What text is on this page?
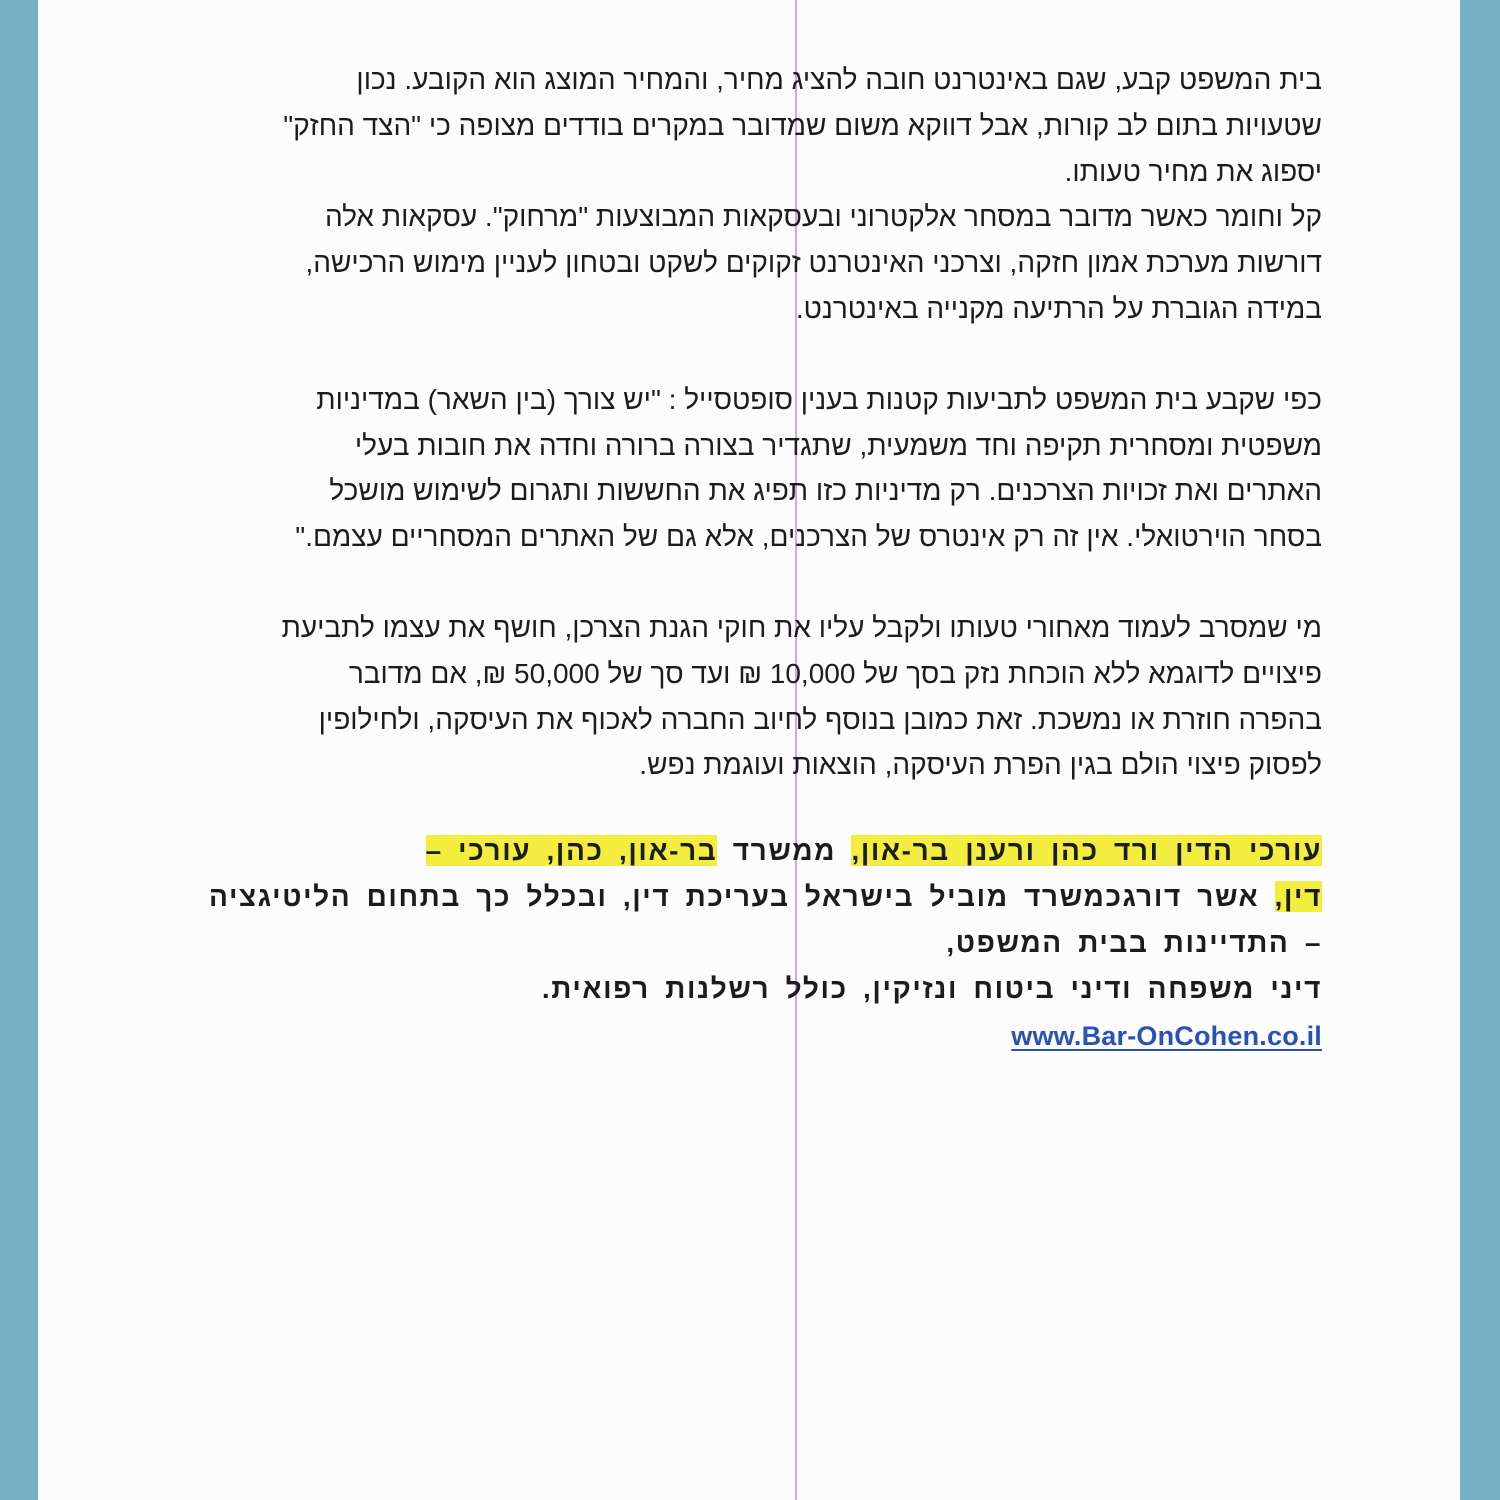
בית המשפט קבע, שגם באינטרנט חובה להציג מחיר, והמחיר המוצג הוא הקובע. נכון
שטעויות בתום לב קורות, אבל דווקא משום שמדובר במקרים בודדים מצופה כי "הצד החזק"
יספוג את מחיר טעותו.
קל וחומר כאשר מדובר במסחר אלקטרוני ובעסקאות המבוצעות "מרחוק". עסקאות אלה
דורשות מערכת אמון חזקה, וצרכני האינטרנט זקוקים לשקט ובטחון לעניין מימוש הרכישה,
במידה הגוברת על הרתיעה מקנייה באינטרנט.
כפי שקבע בית המשפט לתביעות קטנות בענין סופטסייל : "יש צורך (בין השאר) במדיניות
משפטית ומסחרית תקיפה וחד משמעית, שתגדיר בצורה ברורה וחדה את חובות בעלי
האתרים ואת זכויות הצרכנים. רק מדיניות כזו תפיג את החששות ותגרום לשימוש מושכל
בסחר הוירטואלי. אין זה רק אינטרס של הצרכנים, אלא גם של האתרים המסחריים עצמם."
מי שמסרב לעמוד מאחורי טעותו ולקבל עליו את חוקי הגנת הצרכן, חושף את עצמו לתביעת
פיצויים לדוגמא ללא הוכחת נזק בסך של 10,000 ₪ ועד סך של 50,000 ₪, אם מדובר
בהפרה חוזרת או נמשכת. זאת כמובן בנוסף לחיוב החברה לאכוף את העיסקה, ולחילופין
לפסוק פיצוי הולם בגין הפרת העיסקה, הוצאות ועוגמת נפש.
עורכי הדין ורד כהן ורענן בר-און, ממשרד בר-און, כהן, עורכי –
דין, אשר דורגכמשרד מוביל בישראל בעריכת דין, ובכלל כך בתחום הליטיגציה
– התדיינות בבית המשפט,
דיני משפחה ודיני ביטוח ונזיקין, כולל רשלנות רפואית.
www.Bar-OnCohen.co.il
